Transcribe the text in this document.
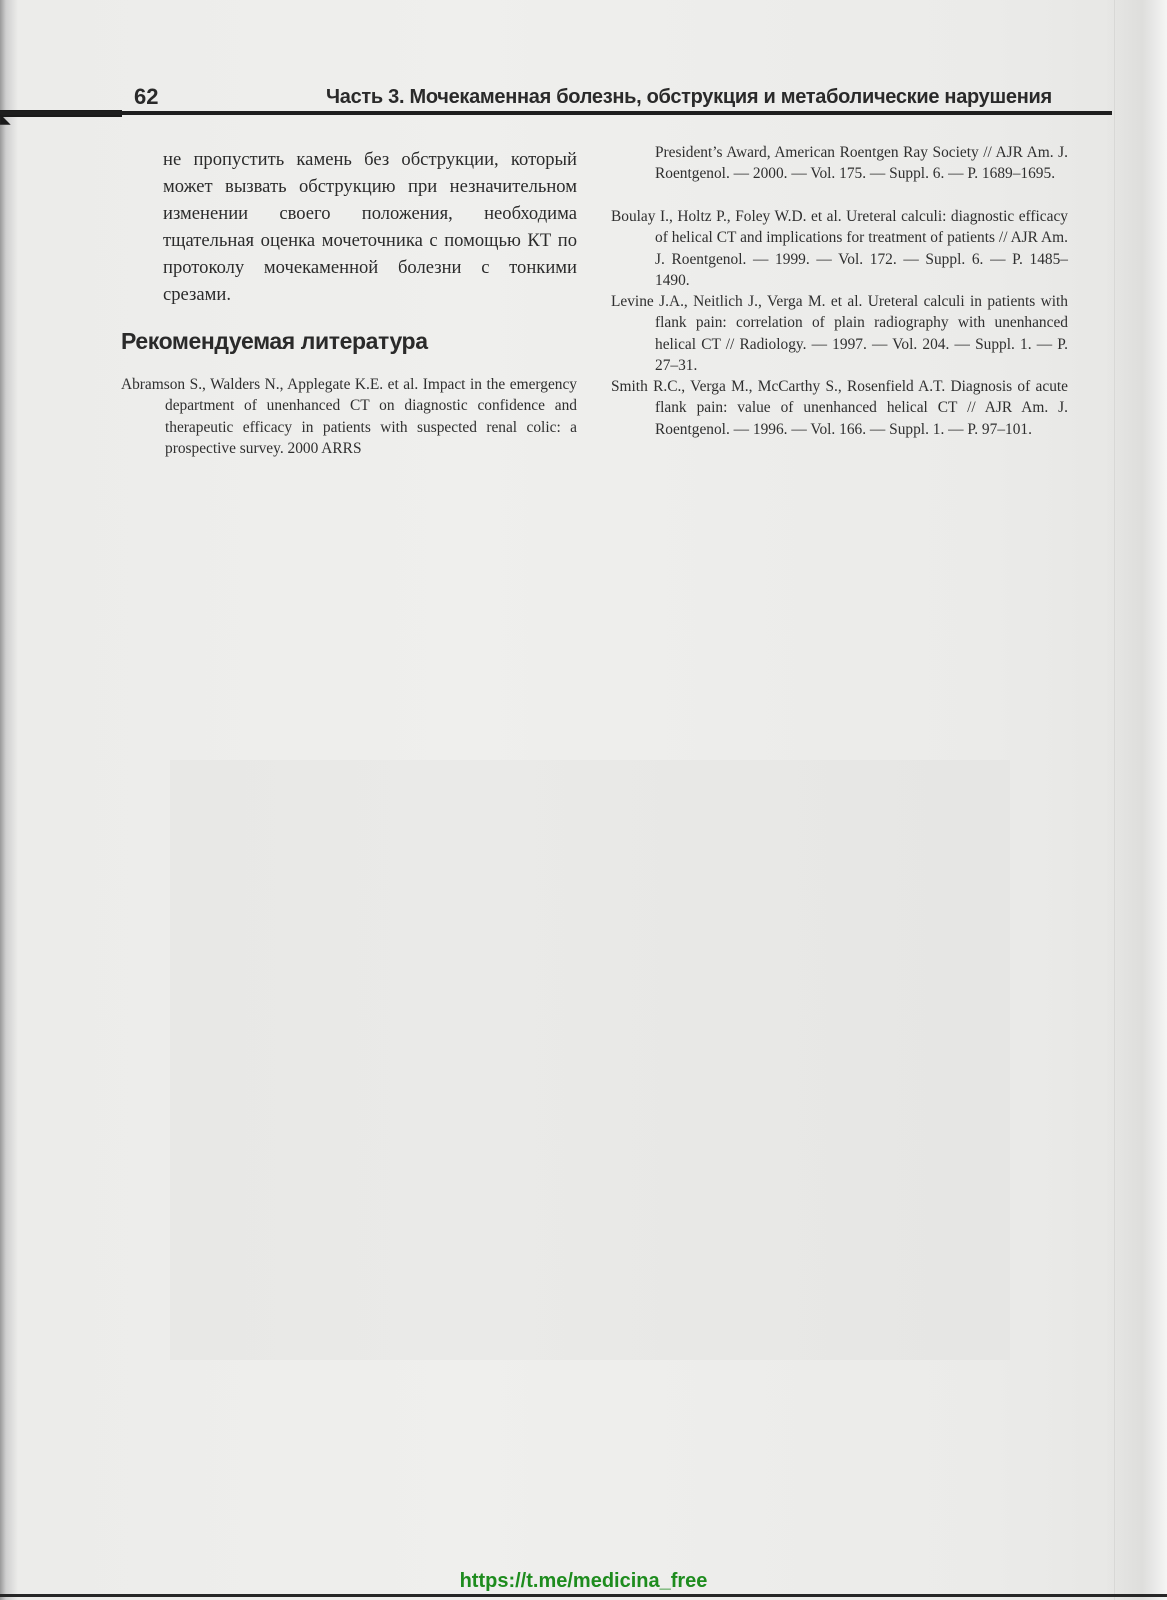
◣
62	Часть 3. Мочекаменная болезнь, обструкция и метаболические нарушения

не пропустить камень без обструкции, который может вызвать обструкцию при незначительном изменении своего положения, необходима тщательная оценка мочеточника с помощью КТ по протоколу мочекаменной болезни с тонкими срезами.

Рекомендуемая литература

Abramson S., Walders N., Applegate K.E. et al. Impact in the emergency department of unenhanced CT on diagnostic confidence and therapeutic efficacy in patients with suspected renal colic: a prospective survey. 2000 ARRS

President’s Award, American Roentgen Ray Society // AJR Am. J. Roentgenol. — 2000. — Vol. 175. — Suppl. 6. — P. 1689–1695.

Boulay I., Holtz P., Foley W.D. et al. Ureteral calculi: diagnostic efficacy of helical CT and implications for treatment of patients // AJR Am. J. Roentgenol. — 1999. — Vol. 172. — Suppl. 6. — P. 1485–1490.

Levine J.A., Neitlich J., Verga M. et al. Ureteral calculi in patients with flank pain: correlation of plain radiography with unenhanced helical CT // Radiology. — 1997. — Vol. 204. — Suppl. 1. — P. 27–31.

Smith R.C., Verga M., McCarthy S., Rosenfield A.T. Diagnosis of acute flank pain: value of unenhanced helical CT // AJR Am. J. Roentgenol. — 1996. — Vol. 166. — Suppl. 1. — P. 97–101.

https://t.me/medicina_free
